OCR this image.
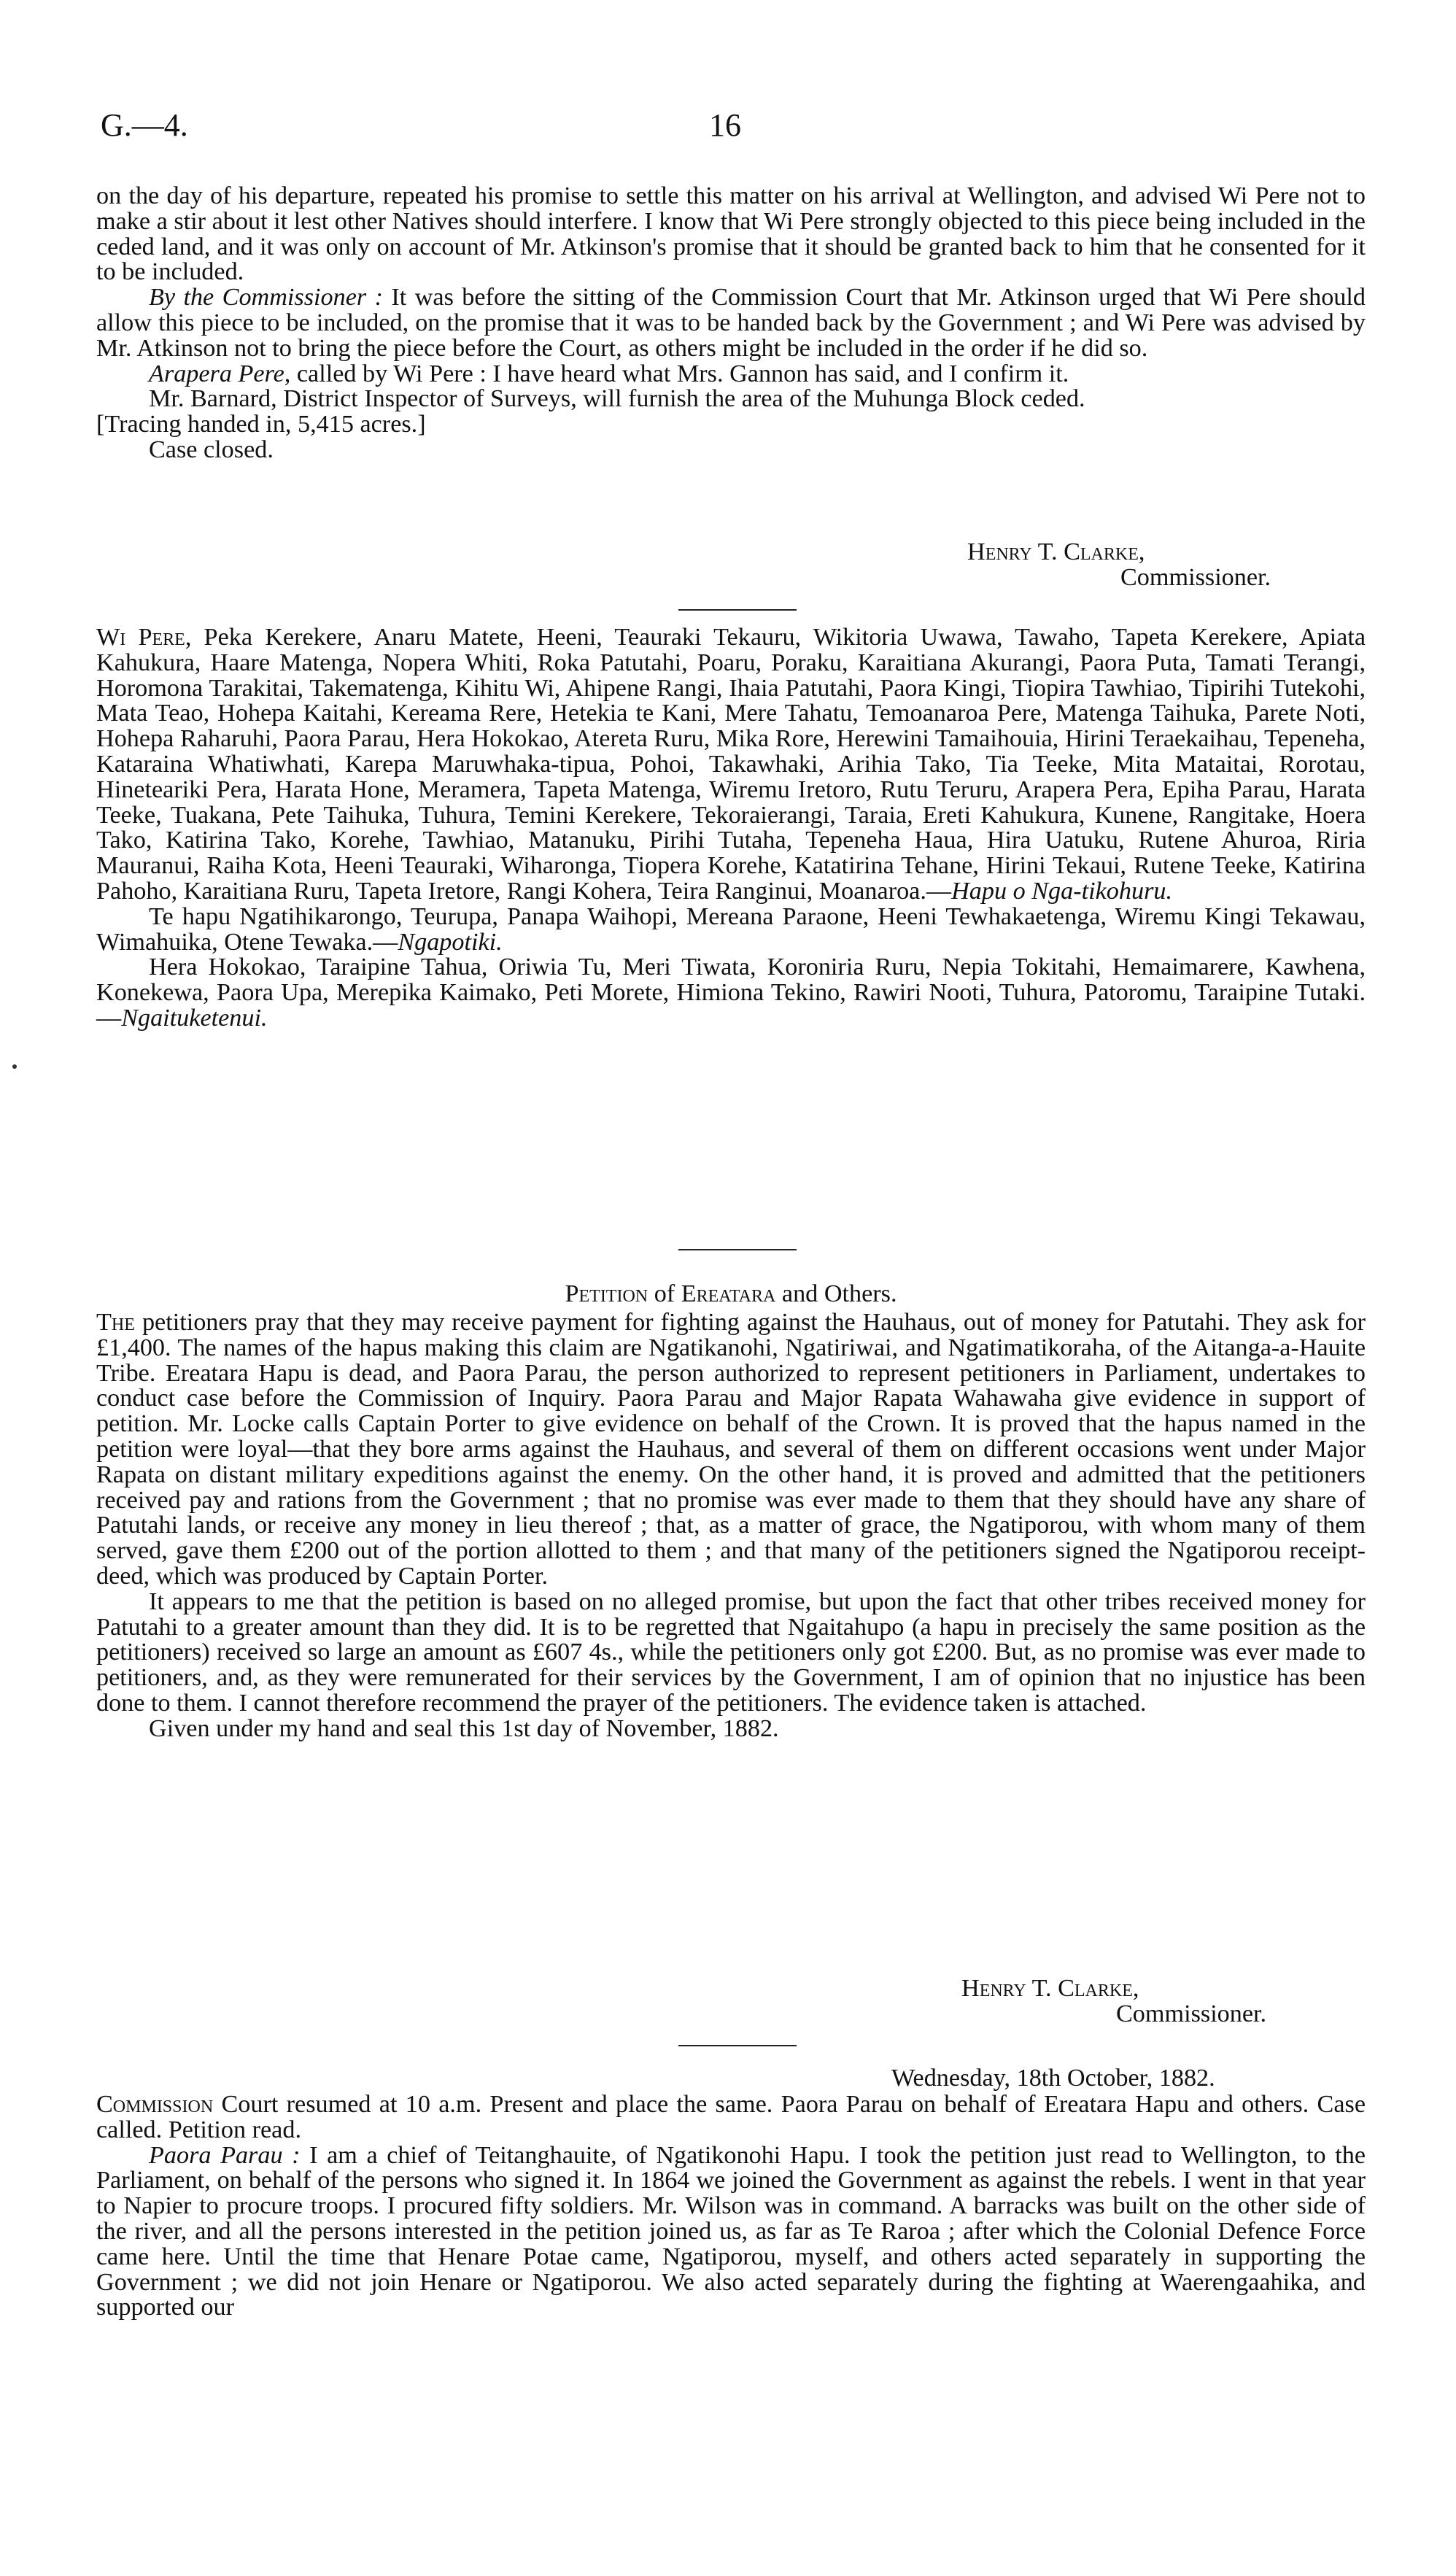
G.—4.	16

on the day of his departure, repeated his promise to settle this matter on his arrival at Wellington, and advised Wi Pere not to make a stir about it lest other Natives should interfere. I know that Wi Pere strongly objected to this piece being included in the ceded land, and it was only on account of Mr. Atkinson's promise that it should be granted back to him that he consented for it to be included.

By the Commissioner : It was before the sitting of the Commission Court that Mr. Atkinson urged that Wi Pere should allow this piece to be included, on the promise that it was to be handed back by the Government ; and Wi Pere was advised by Mr. Atkinson not to bring the piece before the Court, as others might be included in the order if he did so.

Arapera Pere, called by Wi Pere : I have heard what Mrs. Gannon has said, and I confirm it.

Mr. Barnard, District Inspector of Surveys, will furnish the area of the Muhunga Block ceded.

[Tracing handed in, 5,415 acres.]

Case closed.

Henry T. Clarke,
Commissioner.

Wi Pere, Peka Kerekere, Anaru Matete, Heeni, Teauraki Tekauru, Wikitoria Uwawa, Tawaho, Tapeta Kerekere, Apiata Kahukura, Haare Matenga, Nopera Whiti, Roka Patutahi, Poaru, Poraku, Karaitiana Akurangi, Paora Puta, Tamati Terangi, Horomona Tarakitai, Takematenga, Kihitu Wi, Ahipene Rangi, Ihaia Patutahi, Paora Kingi, Tiopira Tawhiao, Tipirihi Tutekohi, Mata Teao, Hohepa Kaitahi, Kereama Rere, Hetekia te Kani, Mere Tahatu, Temoanaroa Pere, Matenga Taihuka, Parete Noti, Hohepa Raharuhi, Paora Parau, Hera Hokokao, Atereta Ruru, Mika Rore, Herewini Tamaihouia, Hirini Teraekaihau, Tepeneha, Kataraina Whatiwhati, Karepa Maruwhaka-tipua, Pohoi, Takawhaki, Arihia Tako, Tia Teeke, Mita Mataitai, Rorotau, Hineteariki Pera, Harata Hone, Meramera, Tapeta Matenga, Wiremu Iretoro, Rutu Teruru, Arapera Pera, Epiha Parau, Harata Teeke, Tuakana, Pete Taihuka, Tuhura, Temini Kerekere, Tekoraierangi, Taraia, Ereti Kahukura, Kunene, Rangitake, Hoera Tako, Katirina Tako, Korehe, Tawhiao, Matanuku, Pirihi Tutaha, Tepeneha Haua, Hira Uatuku, Rutene Ahuroa, Riria Mauranui, Raiha Kota, Heeni Teauraki, Wiharonga, Tiopera Korehe, Katatirina Tehane, Hirini Tekaui, Rutene Teeke, Katirina Pahoho, Karaitiana Ruru, Tapeta Iretore, Rangi Kohera, Teira Ranginui, Moanaroa.—Hapu o Nga-tikohuru.

Te hapu Ngatihikarongo, Teurupa, Panapa Waihopi, Mereana Paraone, Heeni Tewhakaetenga, Wiremu Kingi Tekawau, Wimahuika, Otene Tewaka.—Ngapotiki.

Hera Hokokao, Taraipine Tahua, Oriwia Tu, Meri Tiwata, Koroniria Ruru, Nepia Tokitahi, Hemaimarere, Kawhena, Konekewa, Paora Upa, Merepika Kaimako, Peti Morete, Himiona Tekino, Rawiri Nooti, Tuhura, Patoromu, Taraipine Tutaki.—Ngaituketenui.

Petition of Ereatara and Others.

The petitioners pray that they may receive payment for fighting against the Hauhaus, out of money for Patutahi. They ask for £1,400. The names of the hapus making this claim are Ngatikanohi, Ngatiriwai, and Ngatimatikoraha, of the Aitanga-a-Hauite Tribe. Ereatara Hapu is dead, and Paora Parau, the person authorized to represent petitioners in Parliament, undertakes to conduct case before the Commission of Inquiry. Paora Parau and Major Rapata Wahawaha give evidence in support of petition. Mr. Locke calls Captain Porter to give evidence on behalf of the Crown. It is proved that the hapus named in the petition were loyal—that they bore arms against the Hauhaus, and several of them on different occasions went under Major Rapata on distant military expeditions against the enemy. On the other hand, it is proved and admitted that the petitioners received pay and rations from the Government ; that no promise was ever made to them that they should have any share of Patutahi lands, or receive any money in lieu thereof ; that, as a matter of grace, the Ngatiporou, with whom many of them served, gave them £200 out of the portion allotted to them ; and that many of the petitioners signed the Ngatiporou receipt-deed, which was produced by Captain Porter.

It appears to me that the petition is based on no alleged promise, but upon the fact that other tribes received money for Patutahi to a greater amount than they did. It is to be regretted that Ngaitahupo (a hapu in precisely the same position as the petitioners) received so large an amount as £607 4s., while the petitioners only got £200. But, as no promise was ever made to petitioners, and, as they were remunerated for their services by the Government, I am of opinion that no injustice has been done to them. I cannot therefore recommend the prayer of the petitioners. The evidence taken is attached.

Given under my hand and seal this 1st day of November, 1882.

Henry T. Clarke,
Commissioner.
Wednesday, 18th October, 1882.

Commission Court resumed at 10 a.m. Present and place the same. Paora Parau on behalf of Ereatara Hapu and others. Case called. Petition read.

Paora Parau : I am a chief of Teitanghauite, of Ngatikonohi Hapu. I took the petition just read to Wellington, to the Parliament, on behalf of the persons who signed it. In 1864 we joined the Government as against the rebels. I went in that year to Napier to procure troops. I procured fifty soldiers. Mr. Wilson was in command. A barracks was built on the other side of the river, and all the persons interested in the petition joined us, as far as Te Raroa ; after which the Colonial Defence Force came here. Until the time that Henare Potae came, Ngatiporou, myself, and others acted separately in supporting the Government ; we did not join Henare or Ngatiporou. We also acted separately during the fighting at Waerengaahika, and supported our
